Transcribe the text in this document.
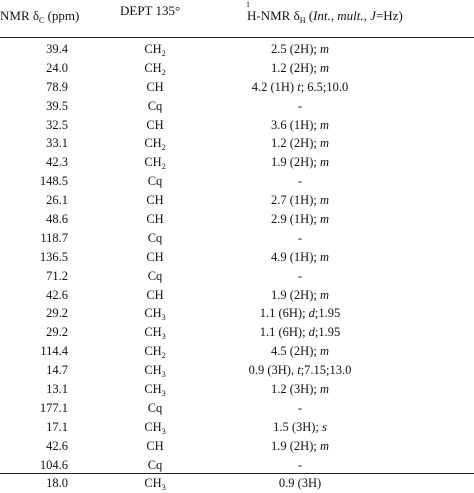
NMR $\delta_C$ (ppm)	DEPT 135°	1
H-NMR $\delta_H$ (Int., mult., J=Hz)
39.4	$CH_2$	2.5 (2H); m
24.0	$CH_2$	1.2 (2H); m
78.9	CH	4.2 (1H) t; 6.5;10.0
39.5	Cq	-
32.5	CH	3.6 (1H); m
33.1	$CH_2$	1.2 (2H); m
42.3	$CH_2$	1.9 (2H); m
148.5	Cq	-
26.1	CH	2.7 (1H); m
48.6	CH	2.9 (1H); m
118.7	Cq	-
136.5	CH	4.9 (1H); m
71.2	Cq	-
42.6	CH	1.9 (2H); m
29.2	$CH_3$	1.1 (6H); d;1.95
29.2	$CH_3$	1.1 (6H); d;1.95
114.4	$CH_2$	4.5 (2H); m
14.7	$CH_3$	0.9 (3H), t;7.15;13.0
13.1	$CH_3$	1.2 (3H); m
177.1	Cq	-
17.1	$CH_3$	1.5 (3H); s
42.6	CH	1.9 (2H); m
104.6	Cq	-
18.0	$CH_3$	0.9 (3H)
